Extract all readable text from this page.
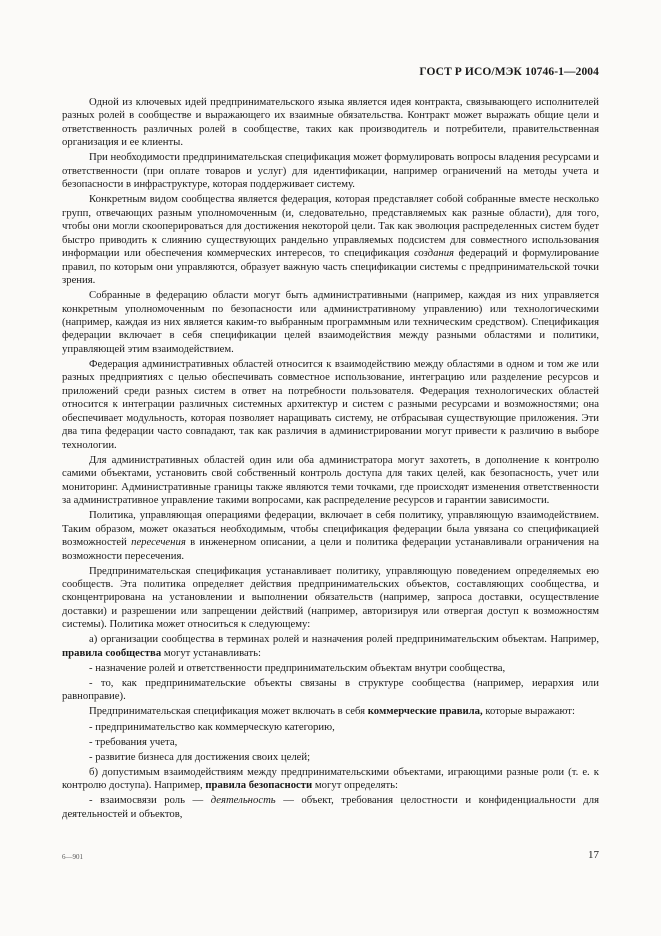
ГОСТ Р ИСО/МЭК 10746-1—2004

Одной из ключевых идей предпринимательского языка является идея контракта, связывающего исполнителей разных ролей в сообществе и выражающего их взаимные обязательства. Контракт может выражать общие цели и ответственность различных ролей в сообществе, таких как производитель и потребители, правительственная организация и ее клиенты.

При необходимости предпринимательская спецификация может формулировать вопросы владения ресурсами и ответственности (при оплате товаров и услуг) для идентификации, например ограничений на методы учета и безопасности в инфраструктуре, которая поддерживает систему.

Конкретным видом сообщества является федерация, которая представляет собой собранные вместе несколько групп, отвечающих разным уполномоченным (и, следовательно, представляемых как разные области), для того, чтобы они могли скооперироваться для достижения некоторой цели. Так как эволюция распределенных систем будет быстро приводить к слиянию существующих рандельно управляемых подсистем для совместного использования информации или обеспечения коммерческих интересов, то спецификация создания федераций и формулирование правил, по которым они управляются, образует важную часть спецификации системы с предпринимательской точки зрения.

Собранные в федерацию области могут быть административными (например, каждая из них управляется конкретным уполномоченным по безопасности или административному управлению) или технологическими (например, каждая из них является каким-то выбранным программным или техническим средством). Спецификация федерации включает в себя спецификации целей взаимодействия между разными областями и политики, управляющей этим взаимодействием.

Федерация административных областей относится к взаимодействию между областями в одном и том же или разных предприятиях с целью обеспечивать совместное использование, интеграцию или разделение ресурсов и приложений среди разных систем в ответ на потребности пользователя. Федерация технологических областей относится к интеграции различных системных архитектур и систем с разными ресурсами и возможностями; она обеспечивает модульность, которая позволяет наращивать систему, не отбрасывая существующие приложения. Эти два типа федерации часто совпадают, так как различия в администрировании могут привести к различию в выборе технологии.

Для административных областей один или оба администратора могут захотеть, в дополнение к контролю самими объектами, установить свой собственный контроль доступа для таких целей, как безопасность, учет или мониторинг. Административные границы также являются теми точками, где происходят изменения ответственности за административное управление такими вопросами, как распределение ресурсов и гарантии зависимости.

Политика, управляющая операциями федерации, включает в себя политику, управляющую взаимодействием. Таким образом, может оказаться необходимым, чтобы спецификация федерации была увязана со спецификацией возможностей пересечения в инженерном описании, а цели и политика федерации устанавливали ограничения на возможности пересечения.

Предпринимательская спецификация устанавливает политику, управляющую поведением определяемых ею сообществ. Эта политика определяет действия предпринимательских объектов, составляющих сообщества, и сконцентрирована на установлении и выполнении обязательств (например, запроса доставки, осуществление доставки) и разрешении или запрещении действий (например, авторизируя или отвергая доступ к возможностям системы). Политика может относиться к следующему:

а) организации сообщества в терминах ролей и назначения ролей предпринимательским объектам. Например, правила сообщества могут устанавливать:

- назначение ролей и ответственности предпринимательским объектам внутри сообщества,

- то, как предпринимательские объекты связаны в структуре сообщества (например, иерархия или равноправие).

Предпринимательская спецификация может включать в себя коммерческие правила, которые выражают:

- предпринимательство как коммерческую категорию,

- требования учета,

- развитие бизнеса для достижения своих целей;

б) допустимым взаимодействиям между предпринимательскими объектами, играющими разные роли (т. е. к контролю доступа). Например, правила безопасности могут определять:

- взаимосвязи роль — деятельность — объект, требования целостности и конфиденциальности для деятельностей и объектов,

6—901	17
